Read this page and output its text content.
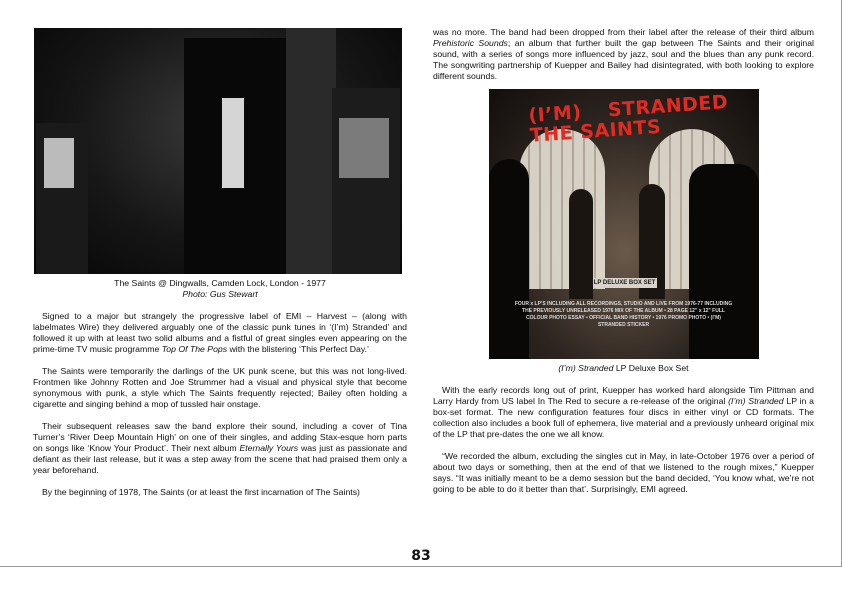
The Saints @ Dingwalls, Camden Lock, London - 1977
Photo: Gus Stewart

Signed to a major but strangely the progressive label of EMI – Harvest – (along with labelmates Wire) they delivered arguably one of the classic punk tunes in ‘(I’m) Stranded’ and followed it up with at least two solid albums and a fistful of great singles even appearing on the prime-time TV music programme Top Of The Pops with the blistering ‘This Perfect Day.’

The Saints were temporarily the darlings of the UK punk scene, but this was not long-lived. Frontmen like Johnny Rotten and Joe Strummer had a visual and physical style that become synonymous with punk, a style which The Saints frequently rejected; Bailey often holding a cigarette and singing behind a mop of tussled hair onstage.

Their subsequent releases saw the band explore their sound, including a cover of Tina Turner’s ‘River Deep Mountain High’ on one of their singles, and adding Stax-esque horn parts on songs like ‘Know Your Product’. Their next album Eternally Yours was just as passionate and defiant as their last release, but it was a step away from the scene that had praised them only a year beforehand.

By the beginning of 1978, The Saints (or at least the first incarnation of The Saints)

was no more. The band had been dropped from their label after the release of their third album Prehistoric Sounds; an album that further built the gap between The Saints and their original sound, with a series of songs more influenced by jazz, soul and the blues than any punk record. The songwriting partnership of Kuepper and Bailey had disintegrated, with both looking to explore different sounds.

(I’M) STRANDED THE SAINTS
LP DELUXE BOX SET
FOUR x LP’S INCLUDING ALL RECORDINGS, STUDIO AND LIVE FROM 1976-77 INCLUDING THE PREVIOUSLY UNRELEASED 1976 MIX OF THE ALBUM • 28 PAGE 12" x 12" FULL COLOUR PHOTO ESSAY • OFFICIAL BAND HISTORY • 1976 PROMO PHOTO • (I’M) STRANDED STICKER
(I’m) Stranded LP Deluxe Box Set

With the early records long out of print, Kuepper has worked hard alongside Tim Pittman and Larry Hardy from US label In The Red to secure a re-release of the original (I’m) Stranded LP in a box-set format. The new configuration features four discs in either vinyl or CD formats. The collection also includes a book full of ephemera, live material and a previously unheard original mix of the LP that pre-dates the one we all know.

“We recorded the album, excluding the singles cut in May, in late-October 1976 over a period of about two days or something, then at the end of that we listened to the rough mixes,” Kuepper says. “It was initially meant to be a demo session but the band decided, ‘You know what, we’re not going to be able to do it better than that’. Surprisingly, EMI agreed.

83
